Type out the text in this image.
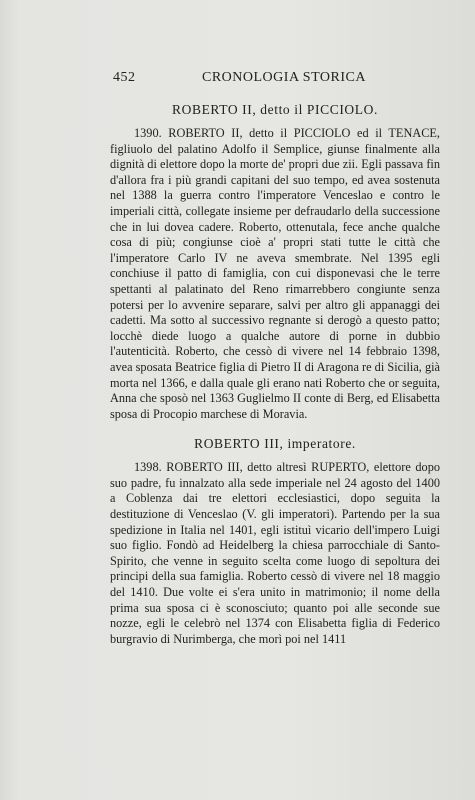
452	CRONOLOGIA STORICA
ROBERTO II, detto il PICCIOLO.

1390. ROBERTO II, detto il PICCIOLO ed il TENACE, figliuolo del palatino Adolfo il Semplice, giunse finalmente alla dignità di elettore dopo la morte de' propri due zii. Egli passava fin d'allora fra i più grandi capitani del suo tempo, ed avea sostenuta nel 1388 la guerra contro l'imperatore Venceslao e contro le imperiali città, collegate insieme per defraudarlo della successione che in lui dovea cadere. Roberto, ottenutala, fece anche qualche cosa di più; congiunse cioè a' propri stati tutte le città che l'imperatore Carlo IV ne aveva smembrate. Nel 1395 egli conchiuse il patto di famiglia, con cui disponevasi che le terre spettanti al palatinato del Reno rimarrebbero congiunte senza potersi per lo avvenire separare, salvi per altro gli appanaggi dei cadetti. Ma sotto al successivo regnante si derogò a questo patto; locchè diede luogo a qualche autore di porne in dubbio l'autenticità. Roberto, che cessò di vivere nel 14 febbraio 1398, avea sposata Beatrice figlia di Pietro II di Aragona re di Sicilia, già morta nel 1366, e dalla quale gli erano nati Roberto che or seguita, Anna che sposò nel 1363 Guglielmo II conte di Berg, ed Elisabetta sposa di Procopio marchese di Moravia.

ROBERTO III, imperatore.

1398. ROBERTO III, detto altresì RUPERTO, elettore dopo suo padre, fu innalzato alla sede imperiale nel 24 agosto del 1400 a Coblenza dai tre elettori ecclesiastici, dopo seguita la destituzione di Venceslao (V. gli imperatori). Partendo per la sua spedizione in Italia nel 1401, egli istituì vicario dell'impero Luigi suo figlio. Fondò ad Heidelberg la chiesa parrocchiale di Santo-Spirito, che venne in seguito scelta come luogo di sepoltura dei principi della sua famiglia. Roberto cessò di vivere nel 18 maggio del 1410. Due volte ei s'era unito in matrimonio; il nome della prima sua sposa ci è sconosciuto; quanto poi alle seconde sue nozze, egli le celebrò nel 1374 con Elisabetta figlia di Federico burgravio di Nurimberga, che morì poi nel 1411
